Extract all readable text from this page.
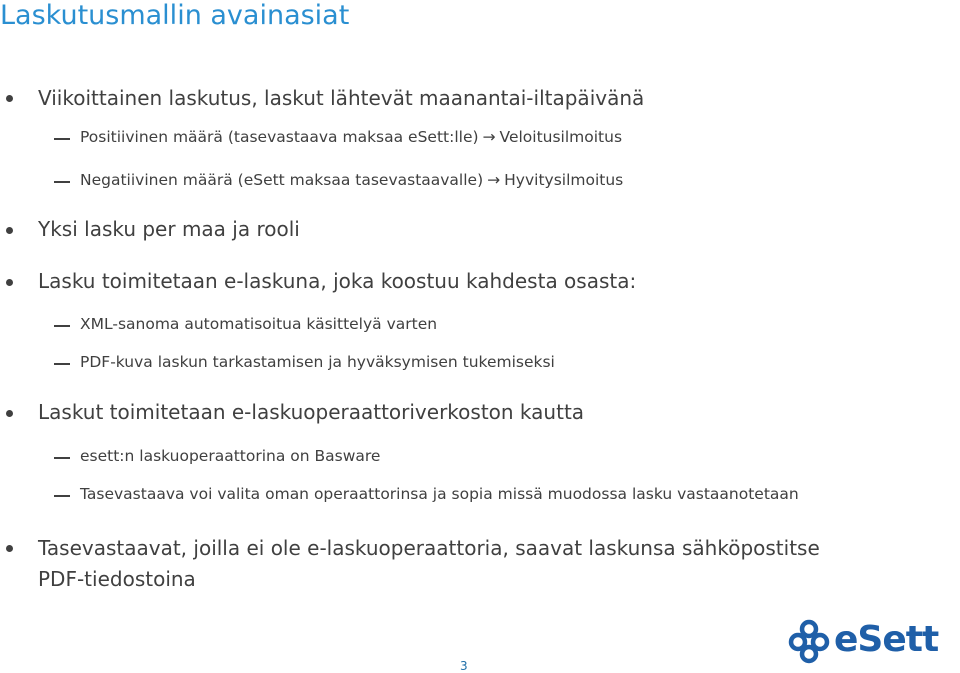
Laskutusmallin avainasiat
Viikoittainen laskutus, laskut lähtevät maanantai-iltapäivänä
Positiivinen määrä (tasevastaava maksaa eSett:lle) → Veloitusilmoitus
Negatiivinen määrä (eSett maksaa tasevastaavalle) → Hyvitysilmoitus
Yksi lasku per maa ja rooli
Lasku toimitetaan e-laskuna, joka koostuu kahdesta osasta:
XML-sanoma automatisoitua käsittelyä varten
PDF-kuva laskun tarkastamisen ja hyväksymisen tukemiseksi
Laskut toimitetaan e-laskuoperaattoriverkoston kautta
esett:n laskuoperaattorina on Basware
Tasevastaava voi valita oman operaattorinsa ja sopia missä muodossa lasku vastaanotetaan
Tasevastaavat, joilla ei ole e-laskuoperaattoria, saavat laskunsa sähköpostitse
PDF-tiedostoina
3
eSett
